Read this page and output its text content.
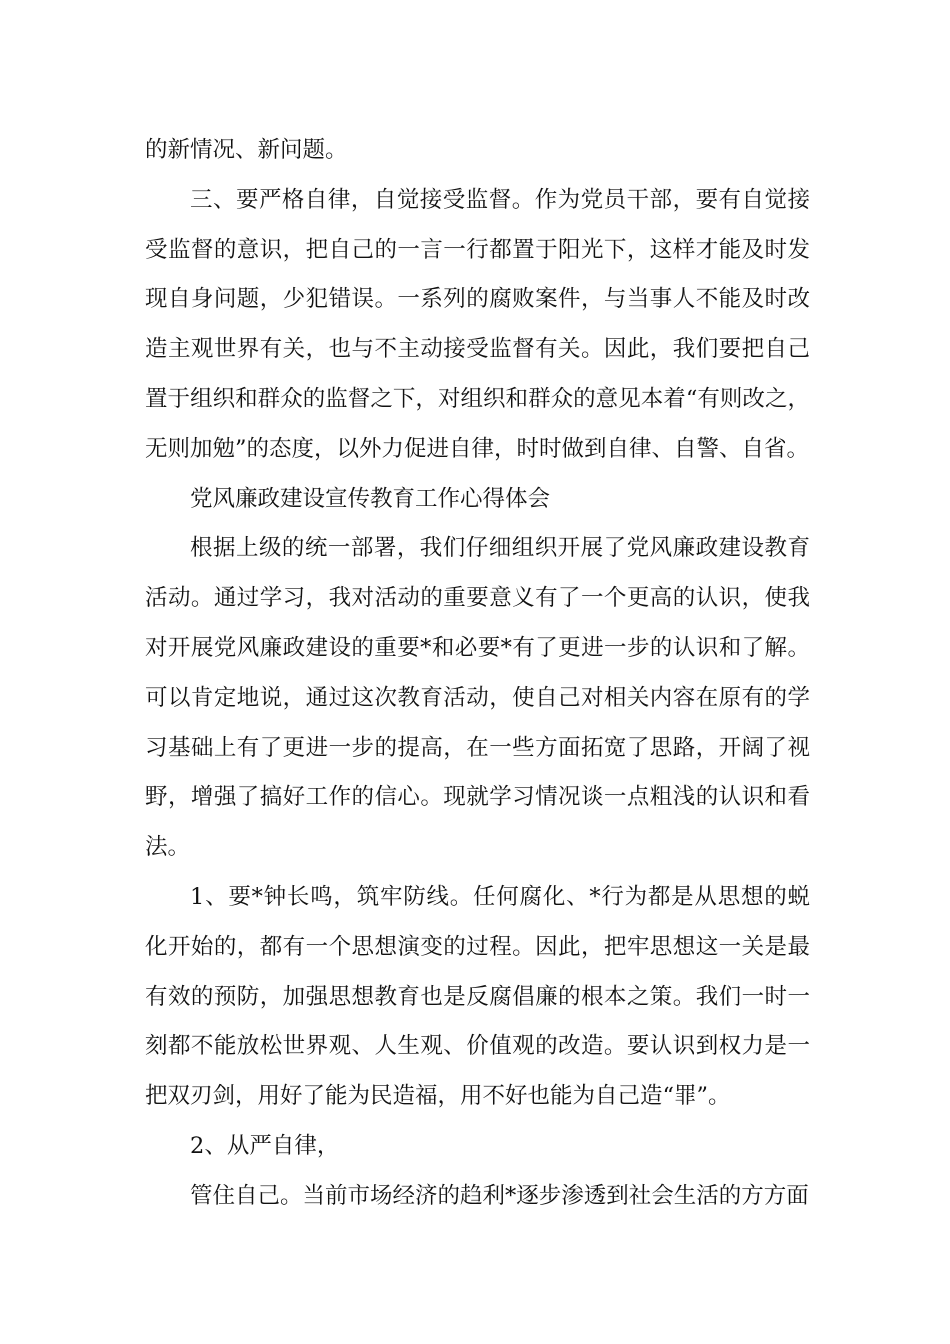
的新情况、新问题。

三、要严格自律，自觉接受监督。作为党员干部，要有自觉接受监督的意识，把自己的一言一行都置于阳光下，这样才能及时发现自身问题，少犯错误。一系列的腐败案件，与当事人不能及时改造主观世界有关，也与不主动接受监督有关。因此，我们要把自己置于组织和群众的监督之下，对组织和群众的意见本着“有则改之，无则加勉”的态度，以外力促进自律，时时做到自律、自警、自省。

党风廉政建设宣传教育工作心得体会

根据上级的统一部署，我们仔细组织开展了党风廉政建设教育活动。通过学习，我对活动的重要意义有了一个更高的认识，使我对开展党风廉政建设的重要*和必要*有了更进一步的认识和了解。可以肯定地说，通过这次教育活动，使自己对相关内容在原有的学习基础上有了更进一步的提高，在一些方面拓宽了思路，开阔了视野，增强了搞好工作的信心。现就学习情况谈一点粗浅的认识和看法。

1、要*钟长鸣，筑牢防线。任何腐化、*行为都是从思想的蜕化开始的，都有一个思想演变的过程。因此，把牢思想这一关是最有效的预防，加强思想教育也是反腐倡廉的根本之策。我们一时一刻都不能放松世界观、人生观、价值观的改造。要认识到权力是一把双刃剑，用好了能为民造福，用不好也能为自己造“罪”。

2、从严自律，

管住自己。当前市场经济的趋利*逐步渗透到社会生活的方方面
